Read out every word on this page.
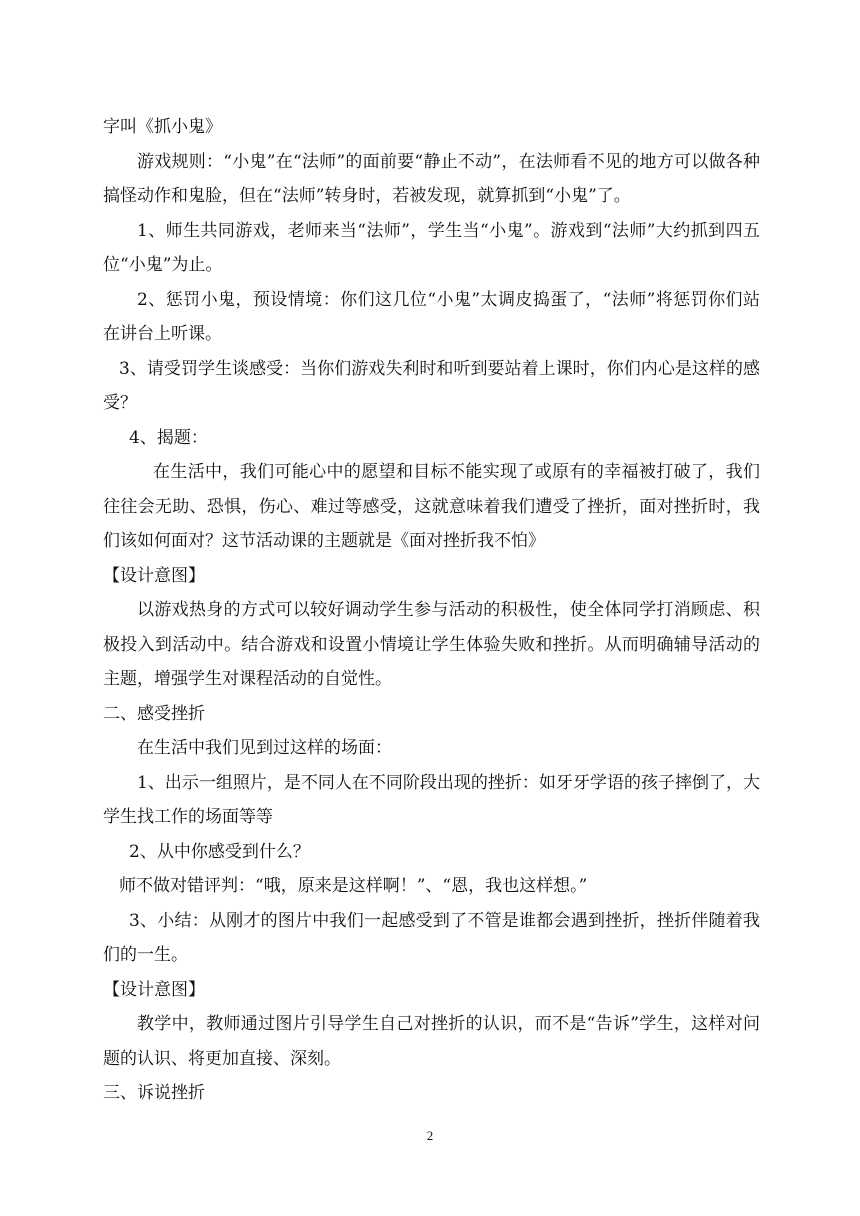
字叫《抓小鬼》

游戏规则：“小鬼”在“法师”的面前要“静止不动”，在法师看不见的地方可以做各种搞怪动作和鬼脸，但在“法师”转身时，若被发现，就算抓到“小鬼”了。

1、师生共同游戏，老师来当“法师”，学生当“小鬼”。游戏到“法师”大约抓到四五位“小鬼”为止。

2、惩罚小鬼，预设情境：你们这几位“小鬼”太调皮捣蛋了，“法师”将惩罚你们站在讲台上听课。

3、请受罚学生谈感受：当你们游戏失利时和听到要站着上课时，你们内心是这样的感受？

4、揭题：

在生活中，我们可能心中的愿望和目标不能实现了或原有的幸福被打破了，我们往往会无助、恐惧，伤心、难过等感受，这就意味着我们遭受了挫折，面对挫折时，我们该如何面对？这节活动课的主题就是《面对挫折我不怕》

【设计意图】

以游戏热身的方式可以较好调动学生参与活动的积极性，使全体同学打消顾虑、积极投入到活动中。结合游戏和设置小情境让学生体验失败和挫折。从而明确辅导活动的主题，增强学生对课程活动的自觉性。

二、感受挫折

在生活中我们见到过这样的场面：

1、出示一组照片，是不同人在不同阶段出现的挫折：如牙牙学语的孩子摔倒了，大学生找工作的场面等等

2、从中你感受到什么？

师不做对错评判：“哦，原来是这样啊！”、“恩，我也这样想。”

3、小结：从刚才的图片中我们一起感受到了不管是谁都会遇到挫折，挫折伴随着我们的一生。

【设计意图】

教学中，教师通过图片引导学生自己对挫折的认识，而不是“告诉”学生，这样对问题的认识、将更加直接、深刻。

三、诉说挫折

2
